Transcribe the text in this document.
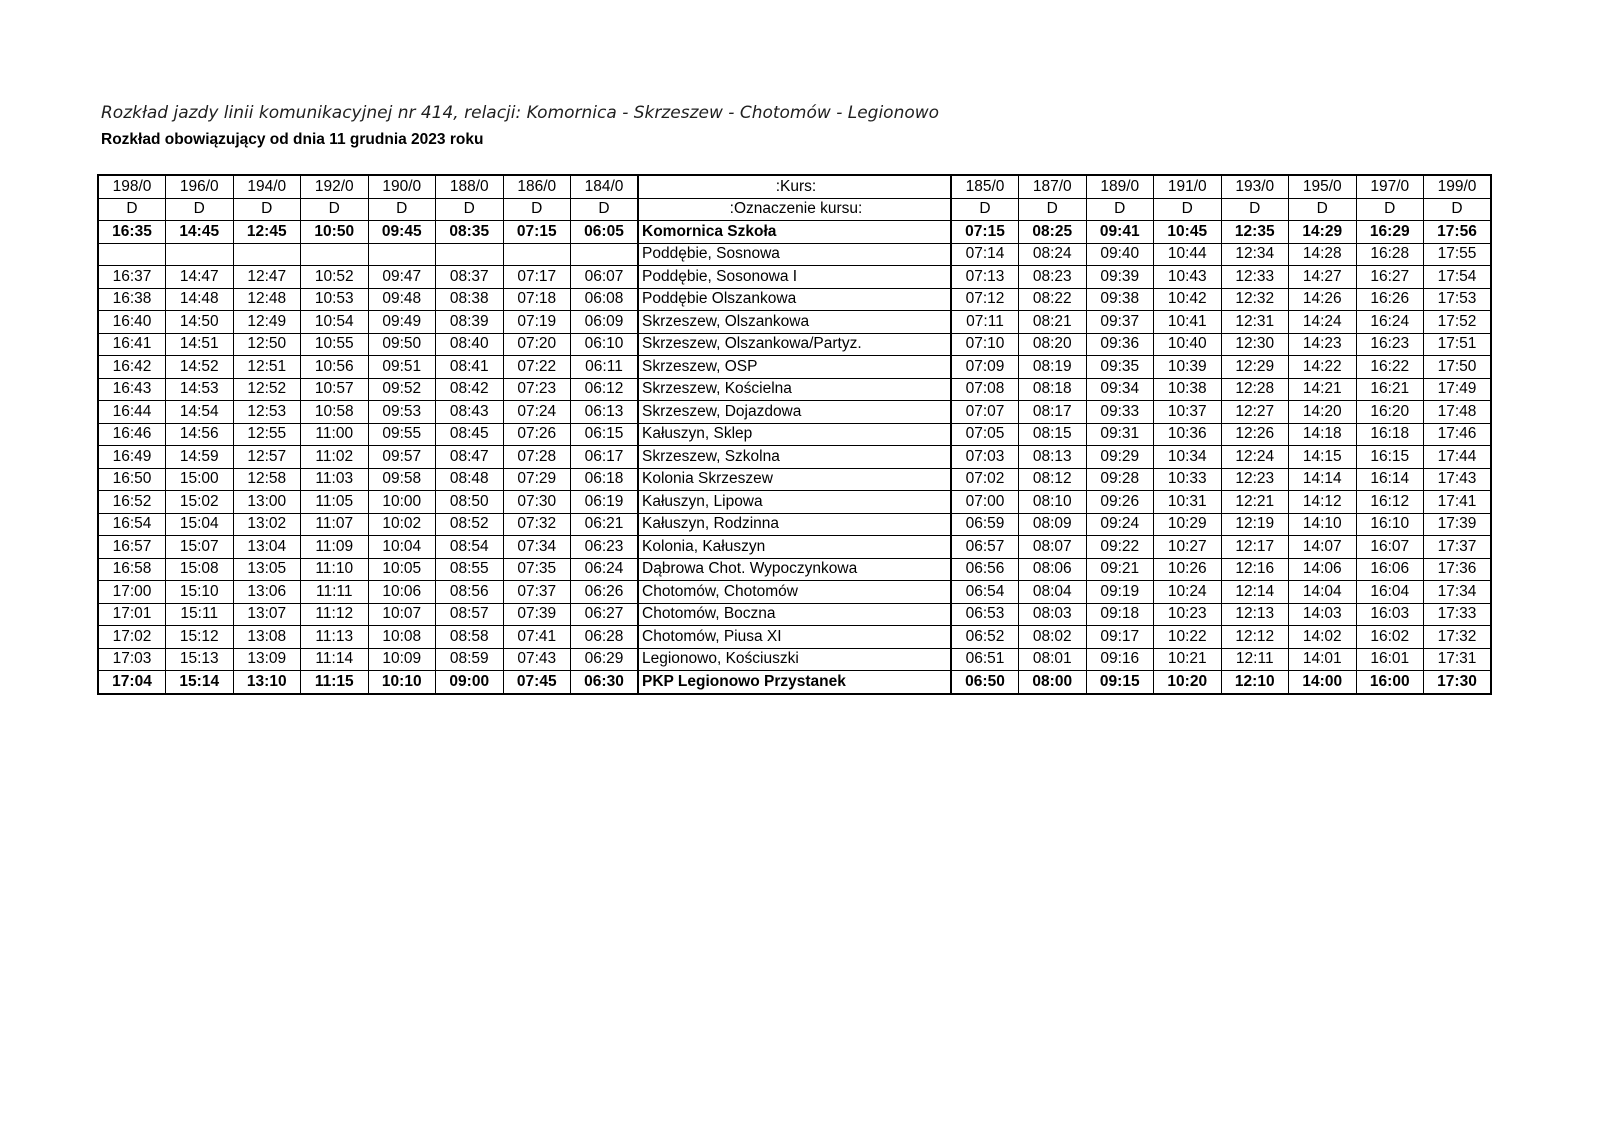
Rozkład jazdy linii komunikacyjnej nr 414, relacji: Komornica - Skrzeszew - Chotomów - Legionowo
Rozkład obowiązujący od dnia 11 grudnia 2023 roku
198/0	196/0	194/0	192/0	190/0	188/0	186/0	184/0	:Kurs:	185/0	187/0	189/0	191/0	193/0	195/0	197/0	199/0
D	D	D	D	D	D	D	D	:Oznaczenie kursu:	D	D	D	D	D	D	D	D
16:35	14:45	12:45	10:50	09:45	08:35	07:15	06:05	Komornica Szkoła	07:15	08:25	09:41	10:45	12:35	14:29	16:29	17:56
								Poddębie, Sosnowa	07:14	08:24	09:40	10:44	12:34	14:28	16:28	17:55
16:37	14:47	12:47	10:52	09:47	08:37	07:17	06:07	Poddębie, Sosonowa I	07:13	08:23	09:39	10:43	12:33	14:27	16:27	17:54
16:38	14:48	12:48	10:53	09:48	08:38	07:18	06:08	Poddębie Olszankowa	07:12	08:22	09:38	10:42	12:32	14:26	16:26	17:53
16:40	14:50	12:49	10:54	09:49	08:39	07:19	06:09	Skrzeszew, Olszankowa	07:11	08:21	09:37	10:41	12:31	14:24	16:24	17:52
16:41	14:51	12:50	10:55	09:50	08:40	07:20	06:10	Skrzeszew, Olszankowa/Partyz.	07:10	08:20	09:36	10:40	12:30	14:23	16:23	17:51
16:42	14:52	12:51	10:56	09:51	08:41	07:22	06:11	Skrzeszew, OSP	07:09	08:19	09:35	10:39	12:29	14:22	16:22	17:50
16:43	14:53	12:52	10:57	09:52	08:42	07:23	06:12	Skrzeszew, Kościelna	07:08	08:18	09:34	10:38	12:28	14:21	16:21	17:49
16:44	14:54	12:53	10:58	09:53	08:43	07:24	06:13	Skrzeszew, Dojazdowa	07:07	08:17	09:33	10:37	12:27	14:20	16:20	17:48
16:46	14:56	12:55	11:00	09:55	08:45	07:26	06:15	Kałuszyn, Sklep	07:05	08:15	09:31	10:36	12:26	14:18	16:18	17:46
16:49	14:59	12:57	11:02	09:57	08:47	07:28	06:17	Skrzeszew, Szkolna	07:03	08:13	09:29	10:34	12:24	14:15	16:15	17:44
16:50	15:00	12:58	11:03	09:58	08:48	07:29	06:18	Kolonia Skrzeszew	07:02	08:12	09:28	10:33	12:23	14:14	16:14	17:43
16:52	15:02	13:00	11:05	10:00	08:50	07:30	06:19	Kałuszyn, Lipowa	07:00	08:10	09:26	10:31	12:21	14:12	16:12	17:41
16:54	15:04	13:02	11:07	10:02	08:52	07:32	06:21	Kałuszyn, Rodzinna	06:59	08:09	09:24	10:29	12:19	14:10	16:10	17:39
16:57	15:07	13:04	11:09	10:04	08:54	07:34	06:23	Kolonia, Kałuszyn	06:57	08:07	09:22	10:27	12:17	14:07	16:07	17:37
16:58	15:08	13:05	11:10	10:05	08:55	07:35	06:24	Dąbrowa Chot. Wypoczynkowa	06:56	08:06	09:21	10:26	12:16	14:06	16:06	17:36
17:00	15:10	13:06	11:11	10:06	08:56	07:37	06:26	Chotomów, Chotomów	06:54	08:04	09:19	10:24	12:14	14:04	16:04	17:34
17:01	15:11	13:07	11:12	10:07	08:57	07:39	06:27	Chotomów, Boczna	06:53	08:03	09:18	10:23	12:13	14:03	16:03	17:33
17:02	15:12	13:08	11:13	10:08	08:58	07:41	06:28	Chotomów, Piusa XI	06:52	08:02	09:17	10:22	12:12	14:02	16:02	17:32
17:03	15:13	13:09	11:14	10:09	08:59	07:43	06:29	Legionowo, Kościuszki	06:51	08:01	09:16	10:21	12:11	14:01	16:01	17:31
17:04	15:14	13:10	11:15	10:10	09:00	07:45	06:30	PKP Legionowo Przystanek	06:50	08:00	09:15	10:20	12:10	14:00	16:00	17:30
